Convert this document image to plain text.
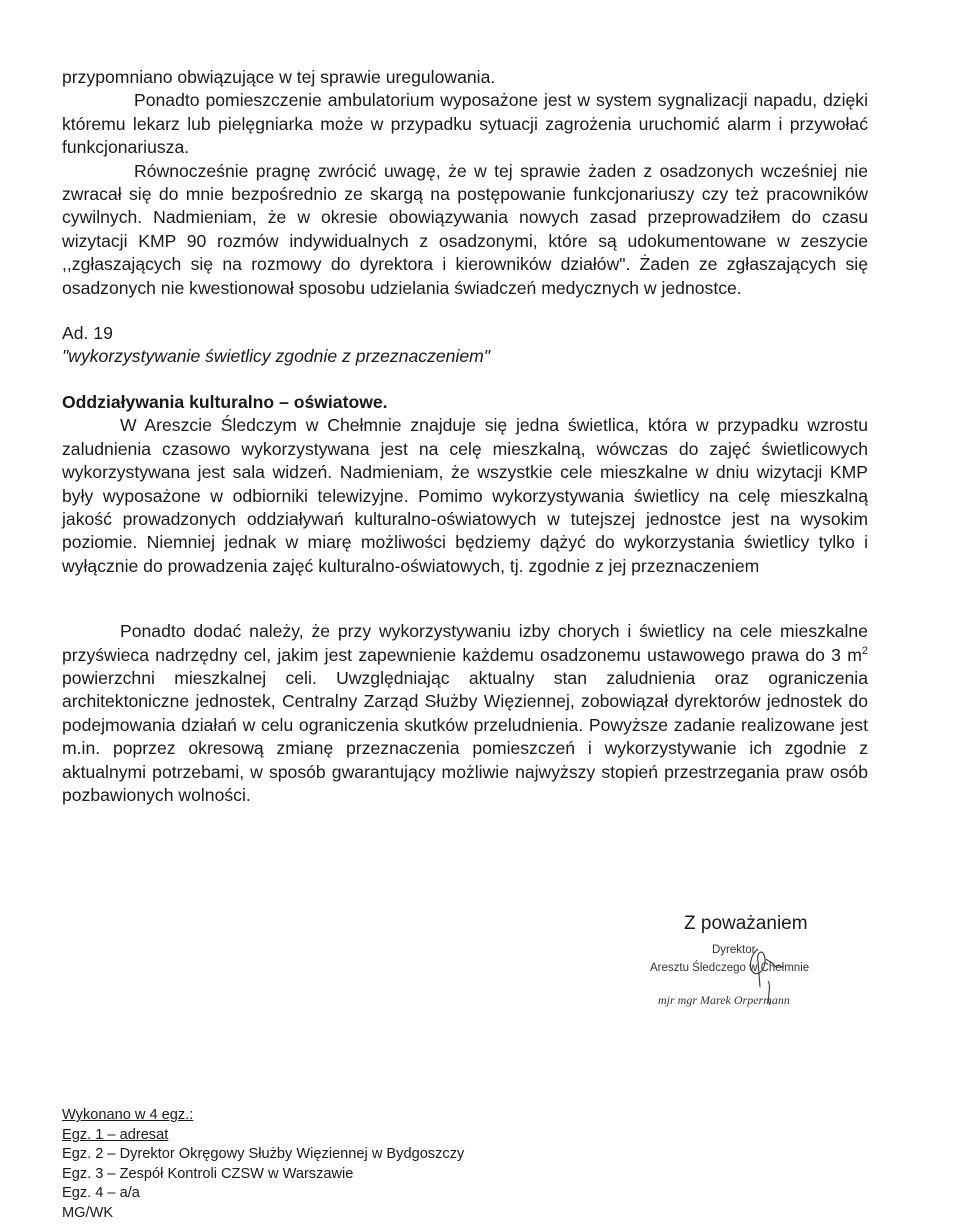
przypomniano obwiązujące w tej sprawie uregulowania.

Ponadto pomieszczenie ambulatorium wyposażone jest w system sygnalizacji napadu, dzięki któremu lekarz lub pielęgniarka może w przypadku sytuacji zagrożenia uruchomić alarm i przywołać funkcjonariusza.

Równocześnie pragnę zwrócić uwagę, że w tej sprawie żaden z osadzonych wcześniej nie zwracał się do mnie bezpośrednio ze skargą na postępowanie funkcjonariuszy czy też pracowników cywilnych. Nadmieniam, że w okresie obowiązywania nowych zasad przeprowadziłem do czasu wizytacji KMP 90 rozmów indywidualnych z osadzonymi, które są udokumentowane w zeszycie ,,zgłaszających się na rozmowy do dyrektora i kierowników działów". Żaden ze zgłaszających się osadzonych nie kwestionował sposobu udzielania świadczeń medycznych w jednostce.

Ad. 19

"wykorzystywanie świetlicy zgodnie z przeznaczeniem"

Oddziaływania kulturalno – oświatowe.

W Areszcie Śledczym w Chełmnie znajduje się jedna świetlica, która w przypadku wzrostu zaludnienia czasowo wykorzystywana jest na celę mieszkalną, wówczas do zajęć świetlicowych wykorzystywana jest sala widzeń. Nadmieniam, że wszystkie cele mieszkalne w dniu wizytacji KMP były wyposażone w odbiorniki telewizyjne. Pomimo wykorzystywania świetlicy na celę mieszkalną jakość prowadzonych oddziaływań kulturalno-oświatowych w tutejszej jednostce jest na wysokim poziomie. Niemniej jednak w miarę możliwości będziemy dążyć do wykorzystania świetlicy tylko i wyłącznie do prowadzenia zajęć kulturalno-oświatowych, tj. zgodnie z jej przeznaczeniem

Ponadto dodać należy, że przy wykorzystywaniu izby chorych i świetlicy na cele mieszkalne przyświeca nadrzędny cel, jakim jest zapewnienie każdemu osadzonemu ustawowego prawa do 3 $m^2$ powierzchni mieszkalnej celi. Uwzględniając aktualny stan zaludnienia oraz ograniczenia architektoniczne jednostek, Centralny Zarząd Służby Więziennej, zobowiązał dyrektorów jednostek do podejmowania działań w celu ograniczenia skutków przeludnienia. Powyższe zadanie realizowane jest m.in. poprzez okresową zmianę przeznaczenia pomieszczeń i wykorzystywanie ich zgodnie z aktualnymi potrzebami, w sposób gwarantujący możliwie najwyższy stopień przestrzegania praw osób pozbawionych wolności.

Z poważaniem
Dyrektor
Aresztu Śledczego w Chełmnie
mjr mgr Marek Orpermann
Wykonano w 4 egz.:
Egz. 1 – adresat
Egz. 2 – Dyrektor Okręgowy Służby Więziennej w Bydgoszczy
Egz. 3 – Zespół Kontroli CZSW w Warszawie
Egz. 4 – a/a
MG/WK
